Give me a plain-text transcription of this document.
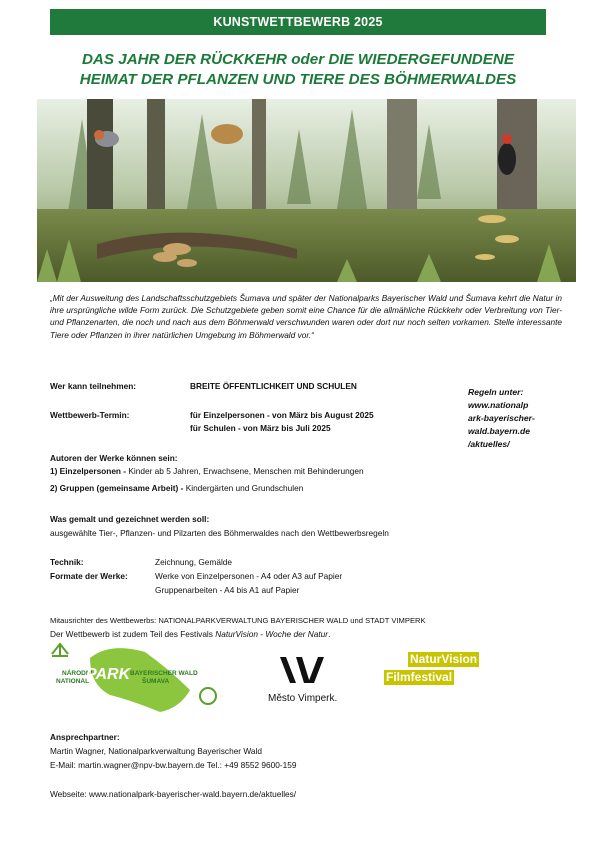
KUNSTWETTBEWERB 2025
DAS JAHR DER RÜCKKEHR oder DIE WIEDERGEFUNDENE
HEIMAT DER PFLANZEN UND TIERE DES BÖHMERWALDES

„Mit der Ausweitung des Landschaftsschutzgebiets Šumava und später der Nationalparks Bayerischer Wald und Šumava kehrt die Natur in ihre ursprüngliche wilde Form zurück. Die Schutzgebiete geben somit eine Chance für die allmähliche Rückkehr oder Verbreitung von Tier- und Pflanzenarten, die noch und nach aus dem Böhmerwald verschwunden waren oder dort nur noch selten vorkamen. Stelle interessante Tiere oder Pflanzen in ihrer natürlichen Umgebung im Böhmerwald vor.“

Wer kann teilnehmen:	BREITE ÖFFENTLICHKEIT UND SCHULEN
Wettbewerb-Termin:	für Einzelpersonen - von März bis August 2025
für Schulen - von März bis Juli 2025
Regeln unter:
www.nationalp
ark-bayerischer-
wald.bayern.de
/aktuelles/
Autoren der Werke können sein:
1) Einzelpersonen - Kinder ab 5 Jahren, Erwachsene, Menschen mit Behinderungen
2) Gruppen (gemeinsame Arbeit) - Kindergärten und Grundschulen
Was gemalt und gezeichnet werden soll:
ausgewählte Tier-, Pflanzen- und Pilzarten des Böhmerwaldes nach den Wettbewerbsregeln
Technik:	Zeichnung, Gemälde
Formate der Werke:	Werke von Einzelpersonen - A4 oder A3 auf Papier
Gruppenarbeiten - A4 bis A1 auf Papier
Mitausrichter des Wettbewerbs: NATIONALPARKVERWALTUNG BAYERISCHER WALD und STADT VIMPERK
Der Wettbewerb ist zudem Teil des Festivals NaturVision - Woche der Natur.
NÁRODNÍ
NATIONAL
PARK BAYERISCHER WALD
ŠUMAVA
Město Vimperk.
NaturVision
Filmfestival
Ansprechpartner:
Martin Wagner, Nationalparkverwaltung Bayerischer Wald
E-Mail: martin.wagner@npv-bw.bayern.de Tel.: +49 8552 9600-159
Webseite: www.nationalpark-bayerischer-wald.bayern.de/aktuelles/
